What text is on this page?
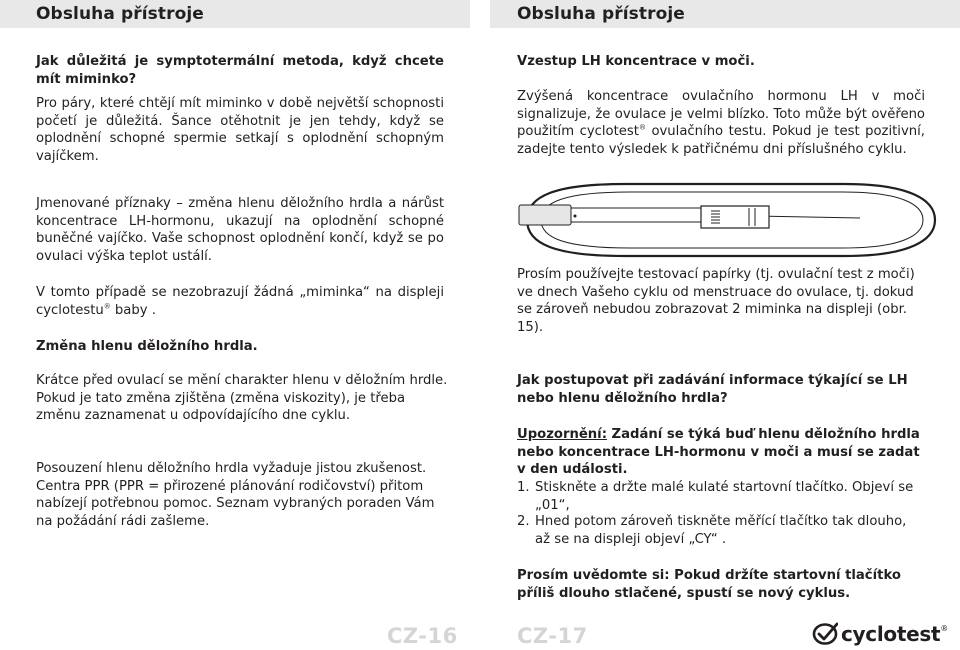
Obsluha přístroje
Jak důležitá je symptotermální metoda, když chcete mít miminko?
Pro páry, které chtějí mít miminko v době největší schopnosti početí je důležitá. Šance otěhotnit je jen tehdy, když se oplodnění schopné spermie setkají s oplodnění schopným vajíčkem.
Jmenované příznaky – změna hlenu děložního hrdla a nárůst koncentrace LH-hormonu, ukazují na oplodnění schopné buněčné vajíčko. Vaše schopnost oplodnění končí, když se po ovulaci výška teplot ustálí.
V tomto případě se nezobrazují žádná „miminka“ na displeji cyclotestu® baby .
Změna hlenu děložního hrdla.
Krátce před ovulací se mění charakter hlenu v děložním hrdle. Pokud je tato změna zjištěna (změna viskozity), je třeba změnu zaznamenat u odpovídajícího dne cyklu.
Posouzení hlenu děložního hrdla vyžaduje jistou zkušenost. Centra PPR (PPR = přirozené plánování rodičovství) přitom nabízejí potřebnou pomoc. Seznam vybraných poraden Vám na požádání rádi zašleme.
CZ-16
Obsluha přístroje
Vzestup LH koncentrace v moči.
Zvýšená koncentrace ovulačního hormonu LH v moči signalizuje, že ovulace je velmi blízko. Toto může být ověřeno použitím cyclotest® ovulačního testu. Pokud je test pozitivní, zadejte tento výsledek k patřičnému dni příslušného cyklu.
Prosím používejte testovací papírky (tj. ovulační test z moči) ve dnech Vašeho cyklu od menstruace do ovulace, tj. dokud se zároveň nebudou zobrazovat 2 miminka na displeji (obr. 15).
Jak postupovat při zadávání informace týkající se LH nebo hlenu děložního hrdla?
Upozornění: Zadání se týká buď hlenu děložního hrdla nebo koncentrace LH-hormonu v moči a musí se zadat v den události.
1. Stiskněte a držte malé kulaté startovní tlačítko. Objeví se „01“,
2. Hned potom zároveň tiskněte měřící tlačítko tak dlouho, až se na displeji objeví „CY“ .
Prosím uvědomte si: Pokud držíte startovní tlačítko příliš dlouho stlačené, spustí se nový cyklus.
CZ-17	cyclotest ®
